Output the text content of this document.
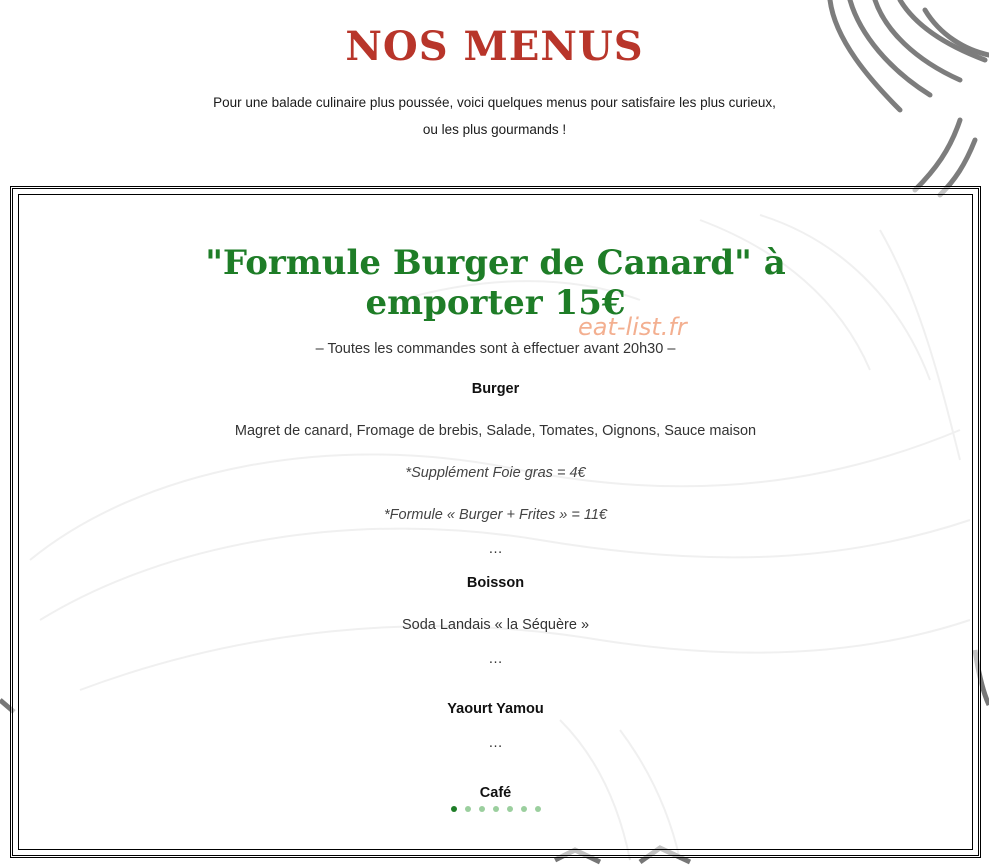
NOS MENUS

Pour une balade culinaire plus poussée, voici quelques menus pour satisfaire les plus curieux,
ou les plus gourmands !

"Formule Burger de Canard" à
emporter 15€
eat-list.fr

– Toutes les commandes sont à effectuer avant 20h30 –

Burger

Magret de canard, Fromage de brebis, Salade, Tomates, Oignons, Sauce maison

*Supplément Foie gras = 4€

*Formule « Burger + Frites » = 11€

…

Boisson

Soda Landais « la Séquère »

…

Yaourt Yamou

…

Café
